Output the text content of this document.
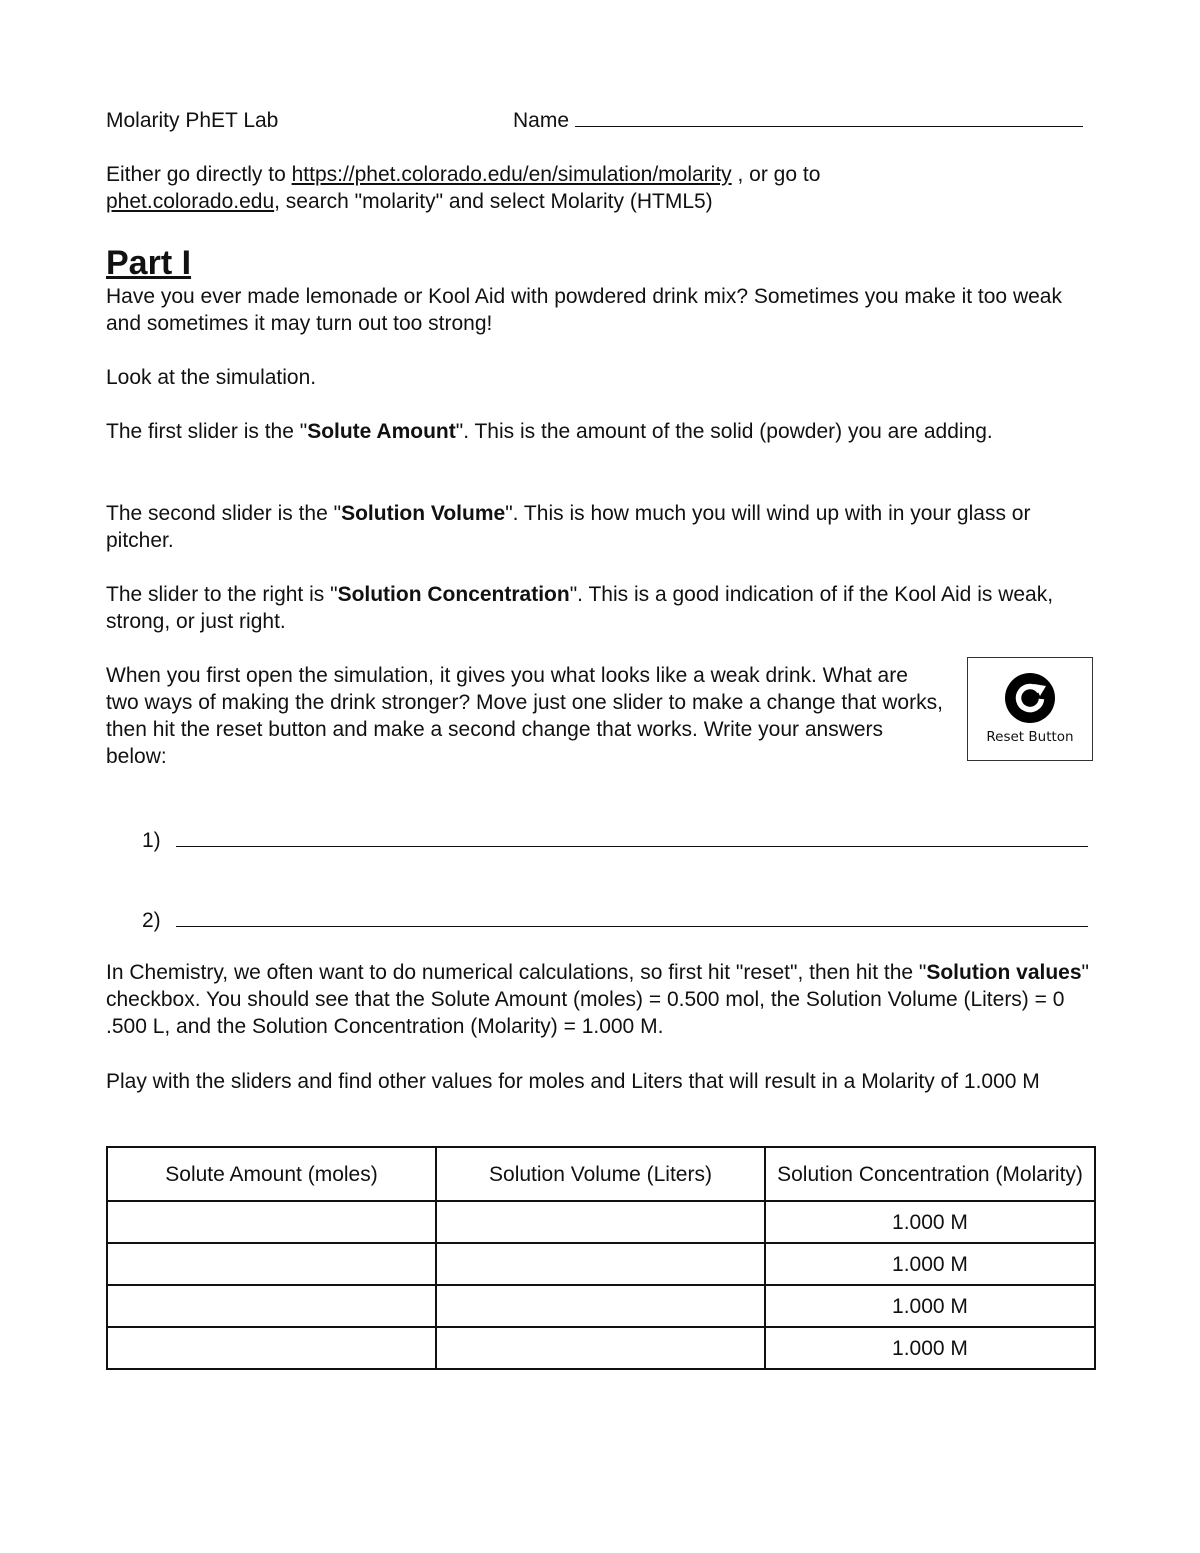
Molarity PhET Lab	Name
Either go directly to https://phet.colorado.edu/en/simulation/molarity , or go to
phet.colorado.edu, search "molarity" and select Molarity (HTML5)
Part I

Have you ever made lemonade or Kool Aid with powdered drink mix? Sometimes you make it too weak and sometimes it may turn out too strong!

Look at the simulation.

The first slider is the "Solute Amount". This is the amount of the solid (powder) you are adding.

The second slider is the "Solution Volume". This is how much you will wind up with in your glass or pitcher.

The slider to the right is "Solution Concentration". This is a good indication of if the Kool Aid is weak, strong, or just right.

When you first open the simulation, it gives you what looks like a weak drink. What are two ways of making the drink stronger? Move just one slider to make a change that works, then hit the reset button and make a second change that works. Write your answers below:

Reset Button
1)
2)

In Chemistry, we often want to do numerical calculations, so first hit "reset", then hit the "Solution values" checkbox. You should see that the Solute Amount (moles) = 0.500 mol, the Solution Volume (Liters) = 0 .500 L, and the Solution Concentration (Molarity) = 1.000 M.

Play with the sliders and find other values for moles and Liters that will result in a Molarity of 1.000 M

Solute Amount (moles)	Solution Volume (Liters)	Solution Concentration (Molarity)
		1.000 M
		1.000 M
		1.000 M
		1.000 M
